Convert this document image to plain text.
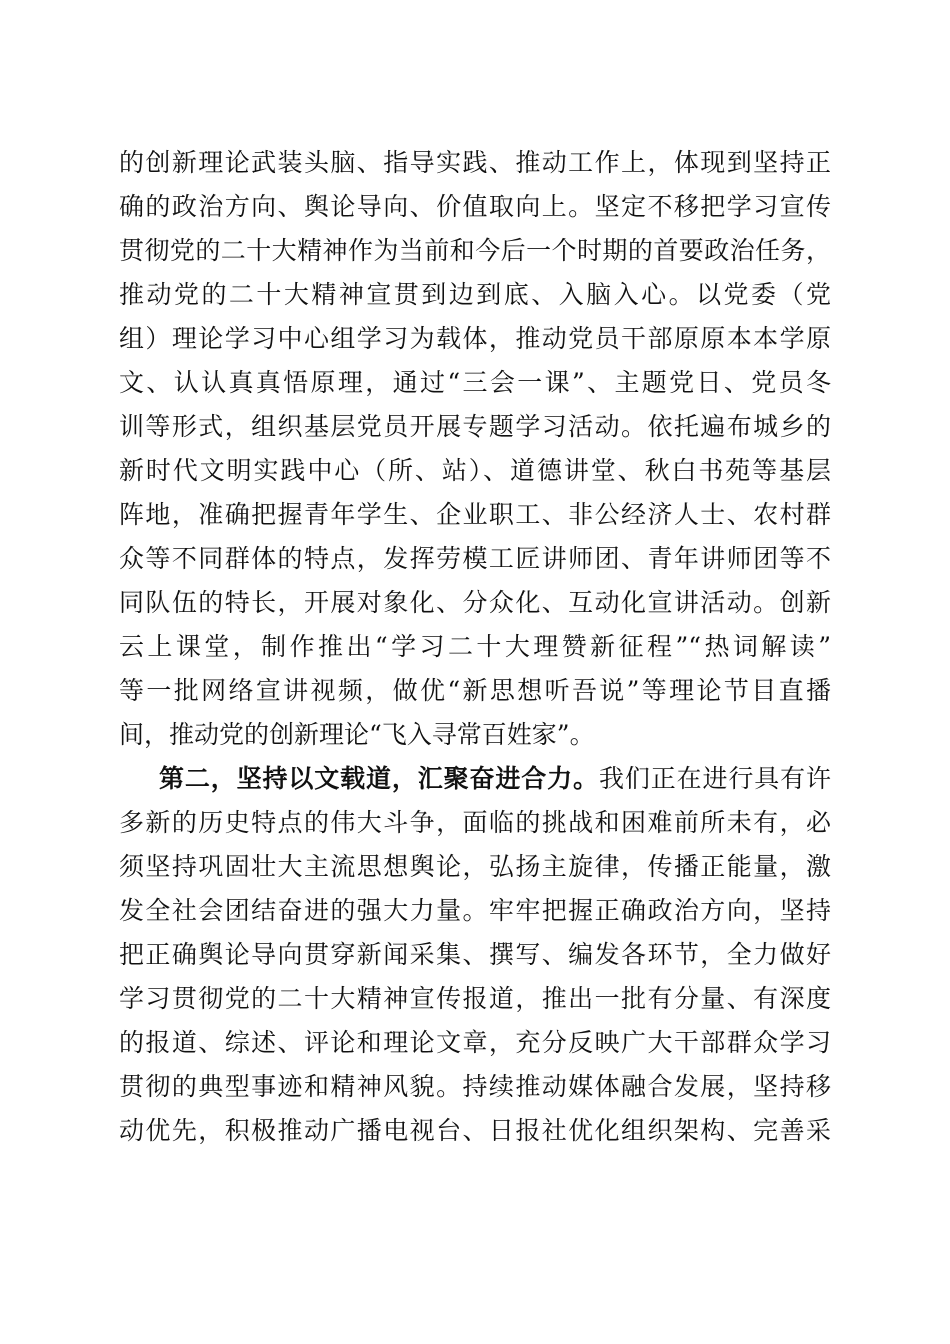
的创新理论武装头脑、指导实践、推动工作上，体现到坚持正
确的政治方向、舆论导向、价值取向上。坚定不移把学习宣传
贯彻党的二十大精神作为当前和今后一个时期的首要政治任务，
推动党的二十大精神宣贯到边到底、入脑入心。以党委（党
组）理论学习中心组学习为载体，推动党员干部原原本本学原
文、认认真真悟原理，通过“三会一课”、主题党日、党员冬
训等形式，组织基层党员开展专题学习活动。依托遍布城乡的
新时代文明实践中心（所、站）、道德讲堂、秋白书苑等基层
阵地，准确把握青年学生、企业职工、非公经济人士、农村群
众等不同群体的特点，发挥劳模工匠讲师团、青年讲师团等不
同队伍的特长，开展对象化、分众化、互动化宣讲活动。创新
云上课堂，制作推出“学习二十大理赞新征程”“热词解读”
等一批网络宣讲视频，做优“新思想听吾说”等理论节目直播
间，推动党的创新理论“飞入寻常百姓家”。
第二，坚持以文载道，汇聚奋进合力。我们正在进行具有许
多新的历史特点的伟大斗争，面临的挑战和困难前所未有，必
须坚持巩固壮大主流思想舆论，弘扬主旋律，传播正能量，激
发全社会团结奋进的强大力量。牢牢把握正确政治方向，坚持
把正确舆论导向贯穿新闻采集、撰写、编发各环节，全力做好
学习贯彻党的二十大精神宣传报道，推出一批有分量、有深度
的报道、综述、评论和理论文章，充分反映广大干部群众学习
贯彻的典型事迹和精神风貌。持续推动媒体融合发展，坚持移
动优先，积极推动广播电视台、日报社优化组织架构、完善采
